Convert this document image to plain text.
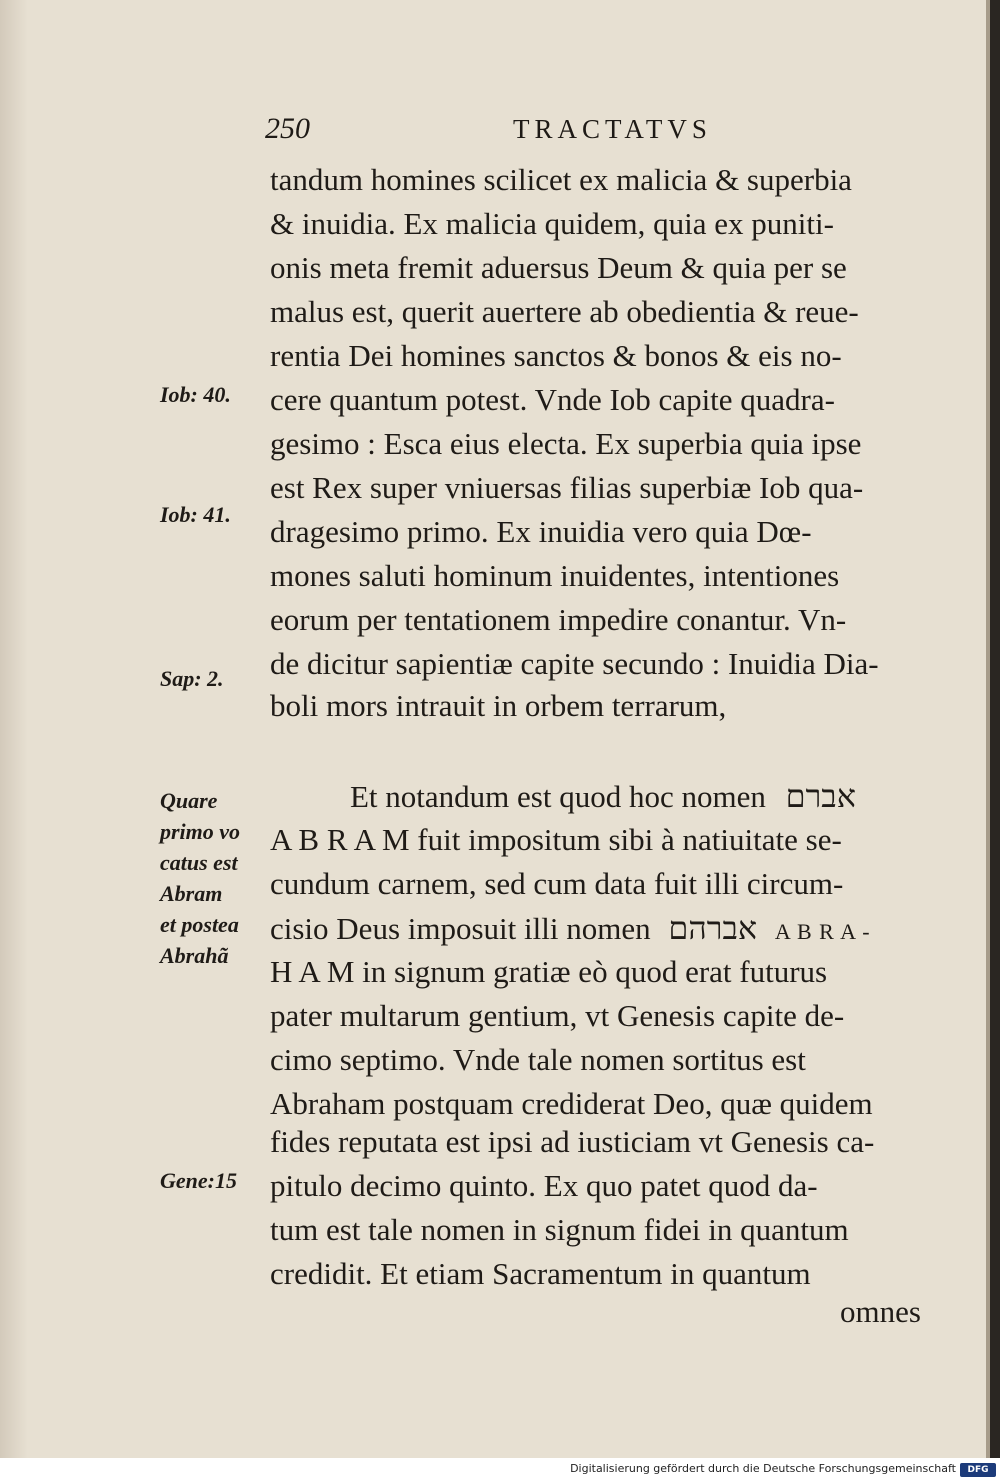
250	TRACTATVS
Iob: 40.
Iob: 41.
Sap: 2.
Quare
primo vo
catus est
Abram
et postea
Abrahã
Gene:15
tandum homines scilicet ex malicia & superbia
& inuidia. Ex malicia quidem, quia ex puniti-
onis meta fremit aduersus Deum & quia per se
malus est, querit auertere ab obedientia & reue-
rentia Dei homines sanctos & bonos & eis no-
cere quantum potest. Vnde Iob capite quadra-
gesimo : Esca eius electa. Ex superbia quia ipse
est Rex super vniuersas filias superbiæ Iob qua-
dragesimo primo. Ex inuidia vero quia Dœ-
mones saluti hominum inuidentes, intentiones
eorum per tentationem impedire conantur. Vn-
de dicitur sapientiæ capite secundo : Inuidia Dia-
boli mors intrauit in orbem terrarum,
Et notandum est quod hoc nomen אברם
A B R A M fuit impositum sibi à natiuitate se-
cundum carnem, sed cum data fuit illi circum-
cisio Deus imposuit illi nomen אברהם A B R A -
H A M in signum gratiæ eò quod erat futurus
pater multarum gentium, vt Genesis capite de-
cimo septimo. Vnde tale nomen sortitus est
Abraham postquam crediderat Deo, quæ quidem
fides reputata est ipsi ad iusticiam vt Genesis ca-
pitulo decimo quinto. Ex quo patet quod da-
tum est tale nomen in signum fidei in quantum
credidit. Et etiam Sacramentum in quantum
omnes
Digitalisierung gefördert durch die Deutsche Forschungsgemeinschaft	DFG
